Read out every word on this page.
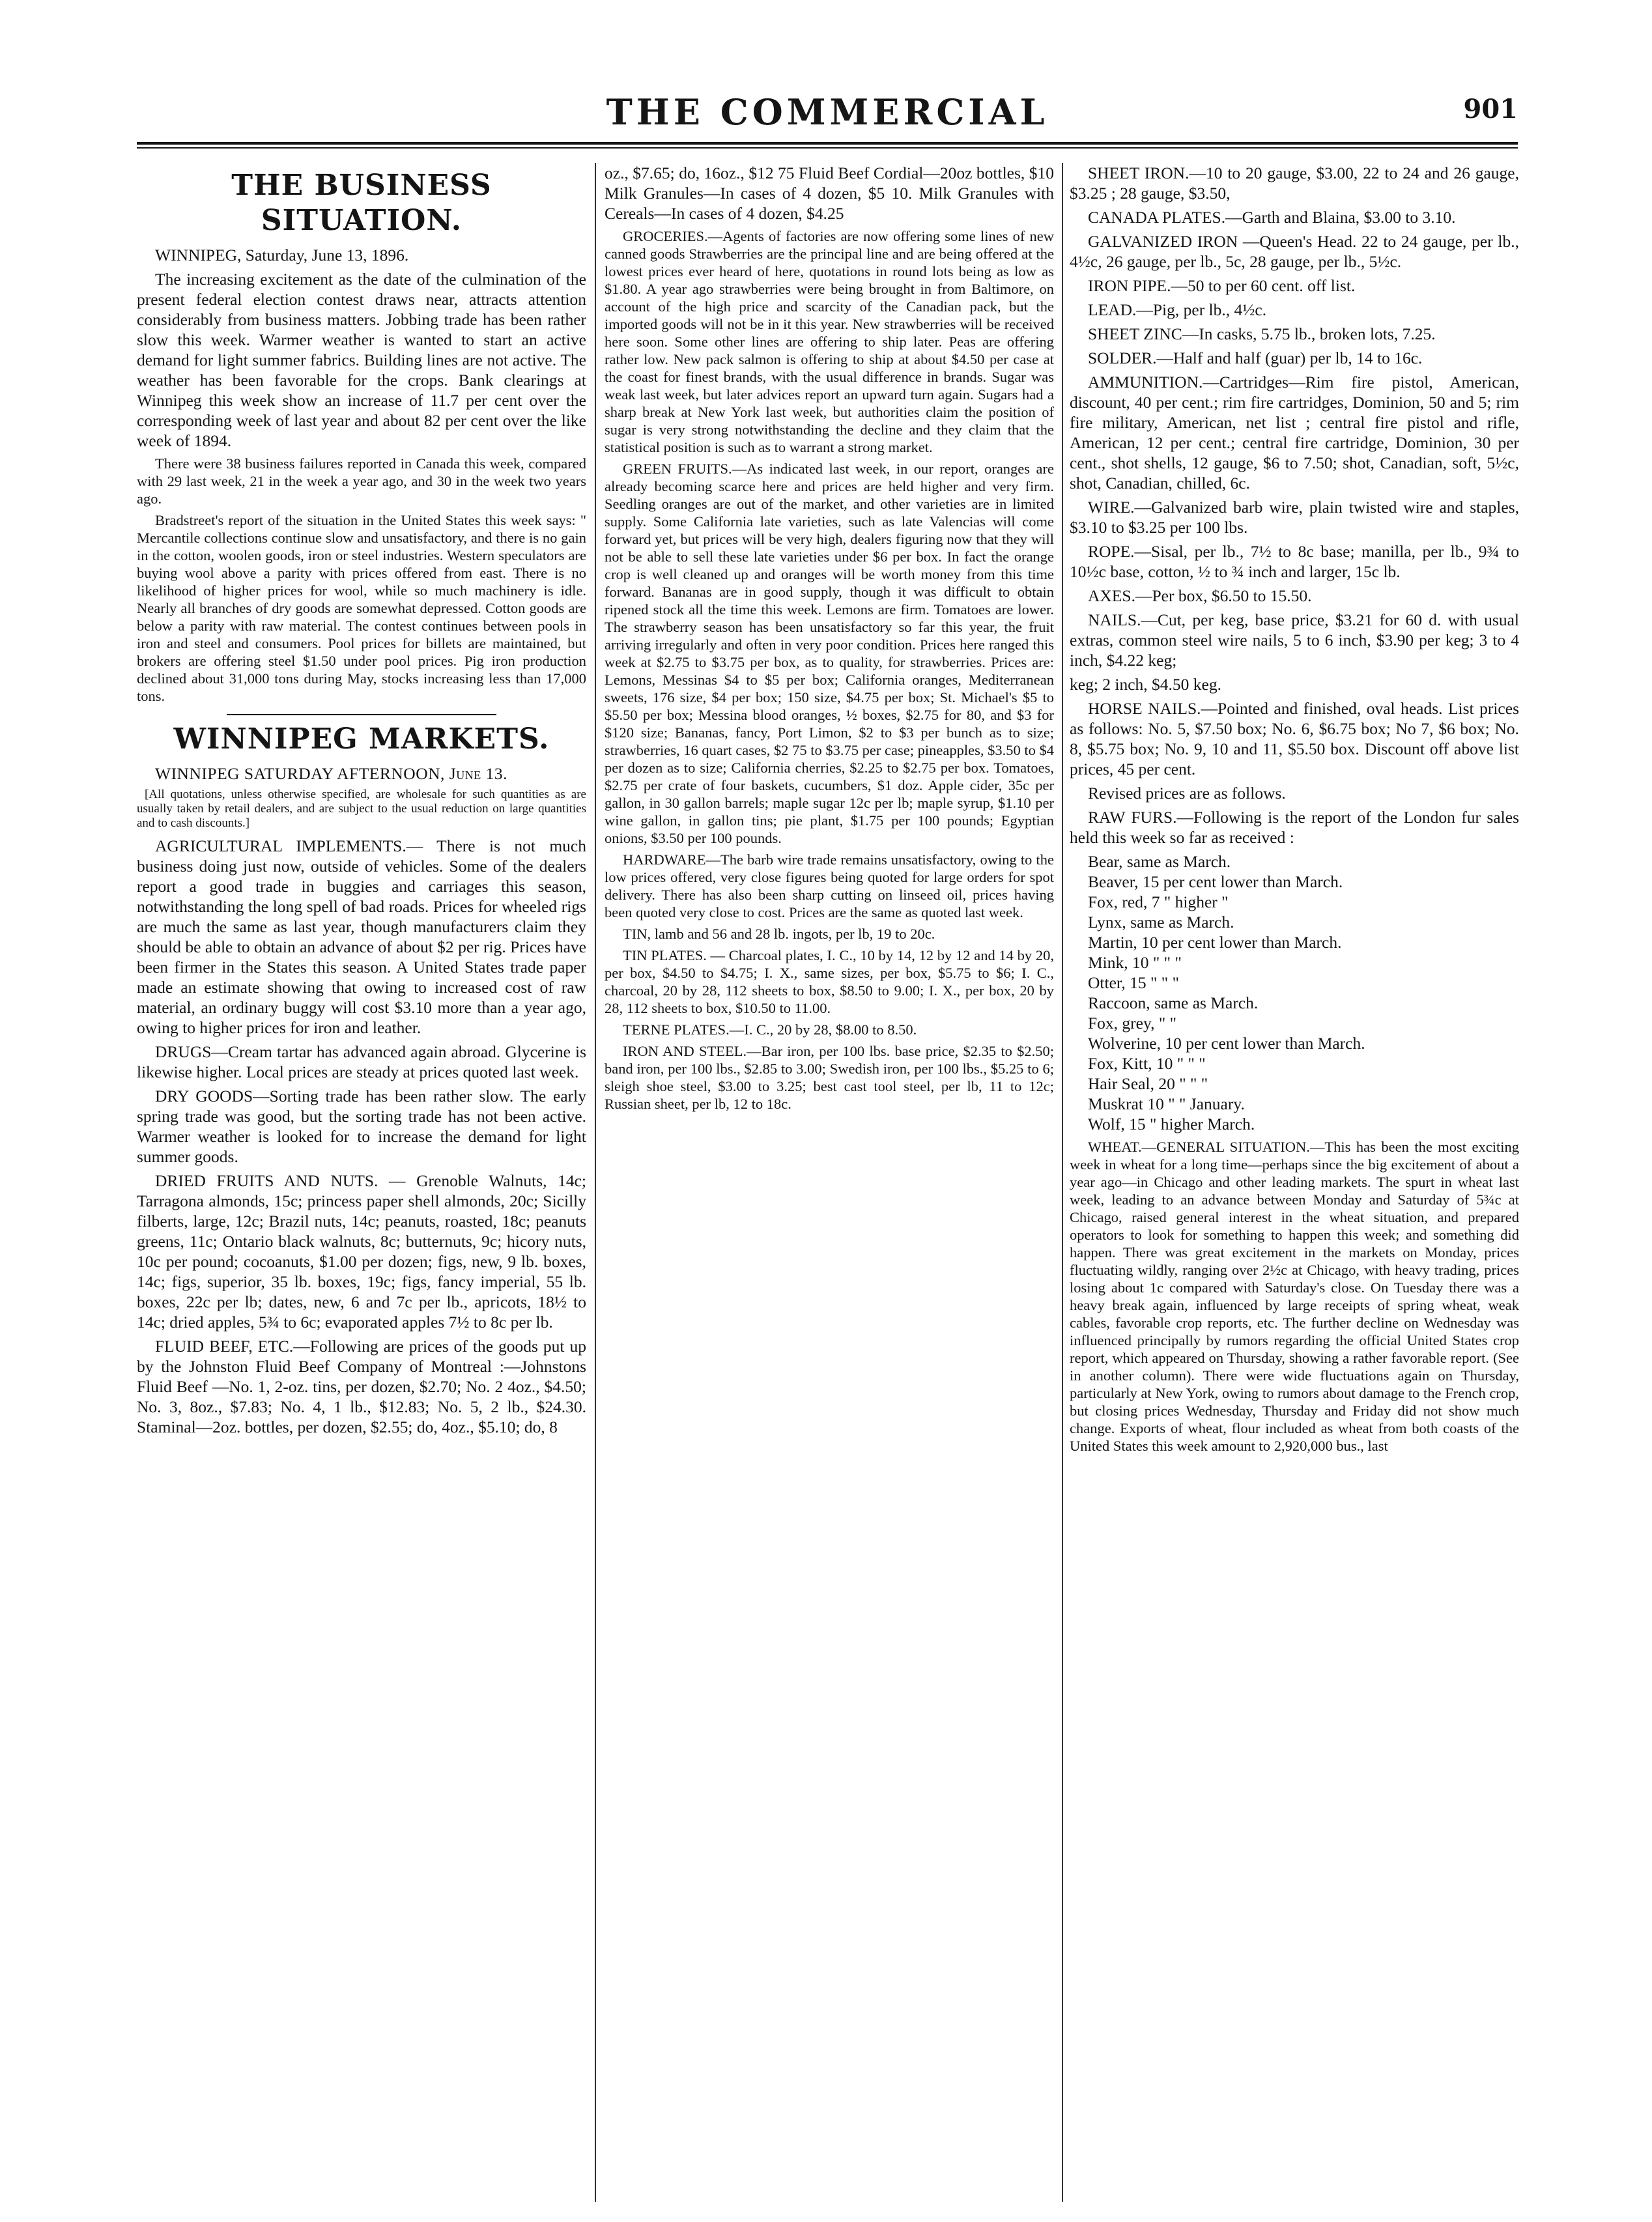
THE COMMERCIAL	901
THE BUSINESS SITUATION.

WINNIPEG, Saturday, June 13, 1896.

The increasing excitement as the date of the culmination of the present federal election contest draws near, attracts attention considerably from business matters. Jobbing trade has been rather slow this week. Warmer weather is wanted to start an active demand for light summer fabrics. Building lines are not active. The weather has been favorable for the crops. Bank clearings at Winnipeg this week show an increase of 11.7 per cent over the corresponding week of last year and about 82 per cent over the like week of 1894.

There were 38 business failures reported in Canada this week, compared with 29 last week, 21 in the week a year ago, and 30 in the week two years ago.

Bradstreet's report of the situation in the United States this week says: " Mercantile collections continue slow and unsatisfactory, and there is no gain in the cotton, woolen goods, iron or steel industries. Western speculators are buying wool above a parity with prices offered from east. There is no likelihood of higher prices for wool, while so much machinery is idle. Nearly all branches of dry goods are somewhat depressed. Cotton goods are below a parity with raw material. The contest continues between pools in iron and steel and consumers. Pool prices for billets are maintained, but brokers are offering steel $1.50 under pool prices. Pig iron production declined about 31,000 tons during May, stocks increasing less than 17,000 tons.

WINNIPEG MARKETS.

WINNIPEG SATURDAY AFTERNOON, June 13.

[All quotations, unless otherwise specified, are wholesale for such quantities as are usually taken by retail dealers, and are subject to the usual reduction on large quantities and to cash discounts.]

AGRICULTURAL IMPLEMENTS.— There is not much business doing just now, outside of vehicles. Some of the dealers report a good trade in buggies and carriages this season, notwithstanding the long spell of bad roads. Prices for wheeled rigs are much the same as last year, though manufacturers claim they should be able to obtain an advance of about $2 per rig. Prices have been firmer in the States this season. A United States trade paper made an estimate showing that owing to increased cost of raw material, an ordinary buggy will cost $3.10 more than a year ago, owing to higher prices for iron and leather.

DRUGS—Cream tartar has advanced again abroad. Glycerine is likewise higher. Local prices are steady at prices quoted last week.

DRY GOODS—Sorting trade has been rather slow. The early spring trade was good, but the sorting trade has not been active. Warmer weather is looked for to increase the demand for light summer goods.

DRIED FRUITS AND NUTS. — Grenoble Walnuts, 14c; Tarragona almonds, 15c; princess paper shell almonds, 20c; Sicilly filberts, large, 12c; Brazil nuts, 14c; peanuts, roasted, 18c; peanuts greens, 11c; Ontario black walnuts, 8c; butternuts, 9c; hicory nuts, 10c per pound; cocoanuts, $1.00 per dozen; figs, new, 9 lb. boxes, 14c; figs, superior, 35 lb. boxes, 19c; figs, fancy imperial, 55 lb. boxes, 22c per lb; dates, new, 6 and 7c per lb., apricots, 18½ to 14c; dried apples, 5¾ to 6c; evaporated apples 7½ to 8c per lb.

FLUID BEEF, ETC.—Following are prices of the goods put up by the Johnston Fluid Beef Company of Montreal :—Johnstons Fluid Beef —No. 1, 2-oz. tins, per dozen, $2.70; No. 2 4oz., $4.50; No. 3, 8oz., $7.83; No. 4, 1 lb., $12.83; No. 5, 2 lb., $24.30. Staminal—2oz. bottles, per dozen, $2.55; do, 4oz., $5.10; do, 8

oz., $7.65; do, 16oz., $12 75 Fluid Beef Cordial—20oz bottles, $10 Milk Granules—In cases of 4 dozen, $5 10. Milk Granules with Cereals—In cases of 4 dozen, $4.25

GROCERIES.—Agents of factories are now offering some lines of new canned goods Strawberries are the principal line and are being offered at the lowest prices ever heard of here, quotations in round lots being as low as $1.80. A year ago strawberries were being brought in from Baltimore, on account of the high price and scarcity of the Canadian pack, but the imported goods will not be in it this year. New strawberries will be received here soon. Some other lines are offering to ship later. Peas are offering rather low. New pack salmon is offering to ship at about $4.50 per case at the coast for finest brands, with the usual difference in brands. Sugar was weak last week, but later advices report an upward turn again. Sugars had a sharp break at New York last week, but authorities claim the position of sugar is very strong notwithstanding the decline and they claim that the statistical position is such as to warrant a strong market.

GREEN FRUITS.—As indicated last week, in our report, oranges are already becoming scarce here and prices are held higher and very firm. Seedling oranges are out of the market, and other varieties are in limited supply. Some California late varieties, such as late Valencias will come forward yet, but prices will be very high, dealers figuring now that they will not be able to sell these late varieties under $6 per box. In fact the orange crop is well cleaned up and oranges will be worth money from this time forward. Bananas are in good supply, though it was difficult to obtain ripened stock all the time this week. Lemons are firm. Tomatoes are lower. The strawberry season has been unsatisfactory so far this year, the fruit arriving irregularly and often in very poor condition. Prices here ranged this week at $2.75 to $3.75 per box, as to quality, for strawberries. Prices are: Lemons, Messinas $4 to $5 per box; California oranges, Mediterranean sweets, 176 size, $4 per box; 150 size, $4.75 per box; St. Michael's $5 to $5.50 per box; Messina blood oranges, ½ boxes, $2.75 for 80, and $3 for $120 size; Bananas, fancy, Port Limon, $2 to $3 per bunch as to size; strawberries, 16 quart cases, $2 75 to $3.75 per case; pineapples, $3.50 to $4 per dozen as to size; California cherries, $2.25 to $2.75 per box. Tomatoes, $2.75 per crate of four baskets, cucumbers, $1 doz. Apple cider, 35c per gallon, in 30 gallon barrels; maple sugar 12c per lb; maple syrup, $1.10 per wine gallon, in gallon tins; pie plant, $1.75 per 100 pounds; Egyptian onions, $3.50 per 100 pounds.

HARDWARE—The barb wire trade remains unsatisfactory, owing to the low prices offered, very close figures being quoted for large orders for spot delivery. There has also been sharp cutting on linseed oil, prices having been quoted very close to cost. Prices are the same as quoted last week.

TIN, lamb and 56 and 28 lb. ingots, per lb, 19 to 20c.

TIN PLATES. — Charcoal plates, I. C., 10 by 14, 12 by 12 and 14 by 20, per box, $4.50 to $4.75; I. X., same sizes, per box, $5.75 to $6; I. C., charcoal, 20 by 28, 112 sheets to box, $8.50 to 9.00; I. X., per box, 20 by 28, 112 sheets to box, $10.50 to 11.00.

TERNE PLATES.—I. C., 20 by 28, $8.00 to 8.50.

IRON AND STEEL.—Bar iron, per 100 lbs. base price, $2.35 to $2.50; band iron, per 100 lbs., $2.85 to 3.00; Swedish iron, per 100 lbs., $5.25 to 6; sleigh shoe steel, $3.00 to 3.25; best cast tool steel, per lb, 11 to 12c; Russian sheet, per lb, 12 to 18c.

SHEET IRON.—10 to 20 gauge, $3.00, 22 to 24 and 26 gauge, $3.25 ; 28 gauge, $3.50,

CANADA PLATES.—Garth and Blaina, $3.00 to 3.10.

GALVANIZED IRON —Queen's Head. 22 to 24 gauge, per lb., 4½c, 26 gauge, per lb., 5c, 28 gauge, per lb., 5½c.

IRON PIPE.—50 to per 60 cent. off list.

LEAD.—Pig, per lb., 4½c.

SHEET ZINC—In casks, 5.75 lb., broken lots, 7.25.

SOLDER.—Half and half (guar) per lb, 14 to 16c.

AMMUNITION.—Cartridges—Rim fire pistol, American, discount, 40 per cent.; rim fire cartridges, Dominion, 50 and 5; rim fire military, American, net list ; central fire pistol and rifle, American, 12 per cent.; central fire cartridge, Dominion, 30 per cent., shot shells, 12 gauge, $6 to 7.50; shot, Canadian, soft, 5½c, shot, Canadian, chilled, 6c.

WIRE.—Galvanized barb wire, plain twisted wire and staples, $3.10 to $3.25 per 100 lbs.

ROPE.—Sisal, per lb., 7½ to 8c base; manilla, per lb., 9¾ to 10½c base, cotton, ½ to ¾ inch and larger, 15c lb.

AXES.—Per box, $6.50 to 15.50.

NAILS.—Cut, per keg, base price, $3.21 for 60 d. with usual extras, common steel wire nails, 5 to 6 inch, $3.90 per keg; 3 to 4 inch, $4.22 keg;

keg; 2 inch, $4.50 keg.

HORSE NAILS.—Pointed and finished, oval heads. List prices as follows: No. 5, $7.50 box; No. 6, $6.75 box; No 7, $6 box; No. 8, $5.75 box; No. 9, 10 and 11, $5.50 box. Discount off above list prices, 45 per cent.

Revised prices are as follows.

RAW FURS.—Following is the report of the London fur sales held this week so far as received :

Bear, same as March.
Beaver, 15 per cent lower than March.
Fox, red, 7 " higher "
Lynx, same as March.
Martin, 10 per cent lower than March.
Mink, 10 " " "
Otter, 15 " " "
Raccoon, same as March.
Fox, grey, " "
Wolverine, 10 per cent lower than March.
Fox, Kitt, 10 " " "
Hair Seal, 20 " " "
Muskrat 10 " " January.
Wolf, 15 " higher March.

WHEAT.—GENERAL SITUATION.—This has been the most exciting week in wheat for a long time—perhaps since the big excitement of about a year ago—in Chicago and other leading markets. The spurt in wheat last week, leading to an advance between Monday and Saturday of 5¾c at Chicago, raised general interest in the wheat situation, and prepared operators to look for something to happen this week; and something did happen. There was great excitement in the markets on Monday, prices fluctuating wildly, ranging over 2½c at Chicago, with heavy trading, prices losing about 1c compared with Saturday's close. On Tuesday there was a heavy break again, influenced by large receipts of spring wheat, weak cables, favorable crop reports, etc. The further decline on Wednesday was influenced principally by rumors regarding the official United States crop report, which appeared on Thursday, showing a rather favorable report. (See in another column). There were wide fluctuations again on Thursday, particularly at New York, owing to rumors about damage to the French crop, but closing prices Wednesday, Thursday and Friday did not show much change. Exports of wheat, flour included as wheat from both coasts of the United States this week amount to 2,920,000 bus., last
